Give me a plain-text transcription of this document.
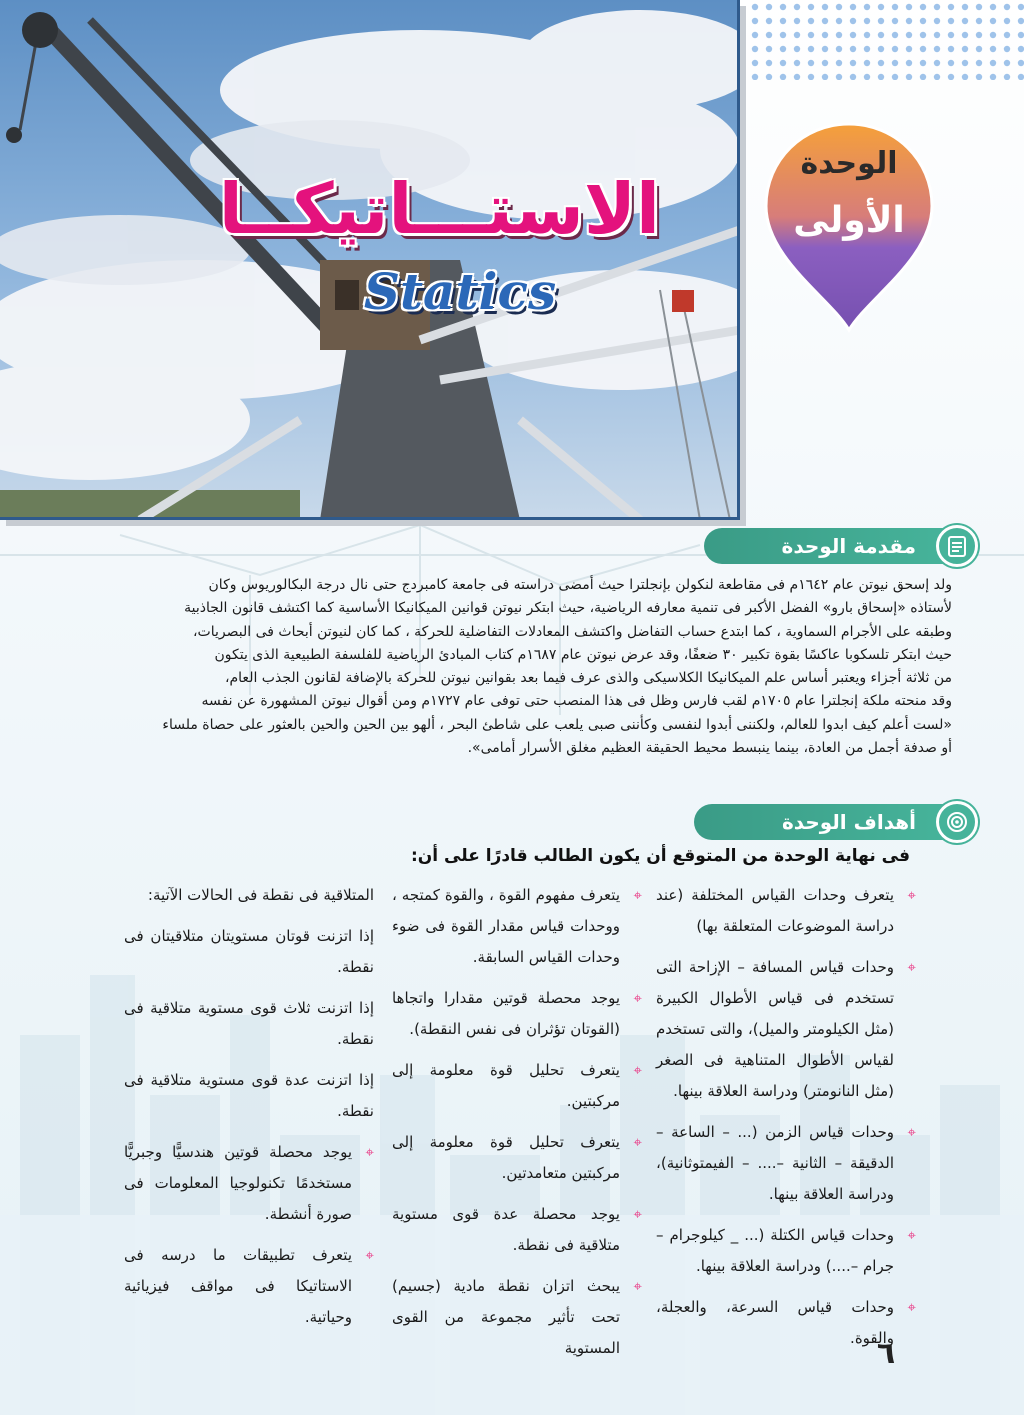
الاستـــاتيكــا
Statics
الوحدة
الأولى
مقدمة الوحدة

ولد إسحق نيوتن عام ١٦٤٢م فى مقاطعة لنكولن بإنجلترا حيث أمضى دراسته فى جامعة كامبردج حتى نال درجة البكالوريوس وكان

لأستاذه «إسحاق بارو» الفضل الأكبر فى تنمية معارفه الرياضية، حيث ابتكر نيوتن قوانين الميكانيكا الأساسية كما اكتشف قانون الجاذبية

وطبقه على الأجرام السماوية ، كما ابتدع حساب التفاضل واكتشف المعادلات التفاضلية للحركة ، كما كان لنيوتن أبحاث فى البصريات،

حيث ابتكر تلسكوبا عاكسًا بقوة تكبير ٣٠ ضعفًا، وقد عرض نيوتن عام ١٦٨٧م كتاب المبادئ الرياضية للفلسفة الطبيعية الذى يتكون

من ثلاثة أجزاء ويعتبر أساس علم الميكانيكا الكلاسيكى والذى عرف فيما بعد بقوانين نيوتن للحركة بالإضافة لقانون الجذب العام،

وقد منحته ملكة إنجلترا عام ١٧٠٥م لقب فارس وظل فى هذا المنصب حتى توفى عام ١٧٢٧م ومن أقوال نيوتن المشهورة عن نفسه

«لست أعلم كيف ابدوا للعالم، ولكننى أبدوا لنفسى وكأننى صبى يلعب على شاطئ البحر ، ألهو بين الحين والحين بالعثور على حصاة ملساء

أو صدفة أجمل من العادة، بينما ينبسط محيط الحقيقة العظيم مغلق الأسرار أمامى».

أهداف الوحدة
فى نهاية الوحدة من المتوقع أن يكون الطالب قادرًا على أن:
⌖
يتعرف وحدات القياس المختلفة (عند دراسة الموضوعات المتعلقة بها)
⌖
وحدات قياس المسافة – الإزاحة التى تستخدم فى قياس الأطوال الكبيرة (مثل الكيلومتر والميل)، والتى تستخدم لقياس الأطوال المتناهية فى الصغر (مثل النانومتر) ودراسة العلاقة بينها.
⌖
وحدات قياس الزمن (... – الساعة – الدقيقة – الثانية –.... – الفيمتوثانية)، ودراسة العلاقة بينها.
⌖
وحدات قياس الكتلة (... _ كيلوجرام – جرام –....) ودراسة العلاقة بينها.
⌖
وحدات قياس السرعة، والعجلة، والقوة.
⌖
يتعرف مفهوم القوة ، والقوة كمتجه ، ووحدات قياس مقدار القوة فى ضوء وحدات القياس السابقة.
⌖
يوجد محصلة قوتين مقدارا واتجاها (القوتان تؤثران فى نفس النقطة).
⌖
يتعرف تحليل قوة معلومة إلى مركبتين.
⌖
يتعرف تحليل قوة معلومة إلى مركبتين متعامدتين.
⌖
يوجد محصلة عدة قوى مستوية متلاقية فى نقطة.
⌖
يبحث اتزان نقطة مادية (جسيم) تحت تأثير مجموعة من القوى المستوية
المتلاقية فى نقطة فى الحالات الآتية:
إذا اتزنت قوتان مستويتان متلاقيتان فى نقطة.
إذا اتزنت ثلاث قوى مستوية متلاقية فى نقطة.
إذا اتزنت عدة قوى مستوية متلاقية فى نقطة.
⌖
يوجد محصلة قوتين هندسيًّا وجبريًّا مستخدمًا تكنولوجيا المعلومات فى صورة أنشطة.
⌖
يتعرف تطبيقات ما درسه فى الاستاتيكا فى مواقف فيزيائية وحياتية.
٦
